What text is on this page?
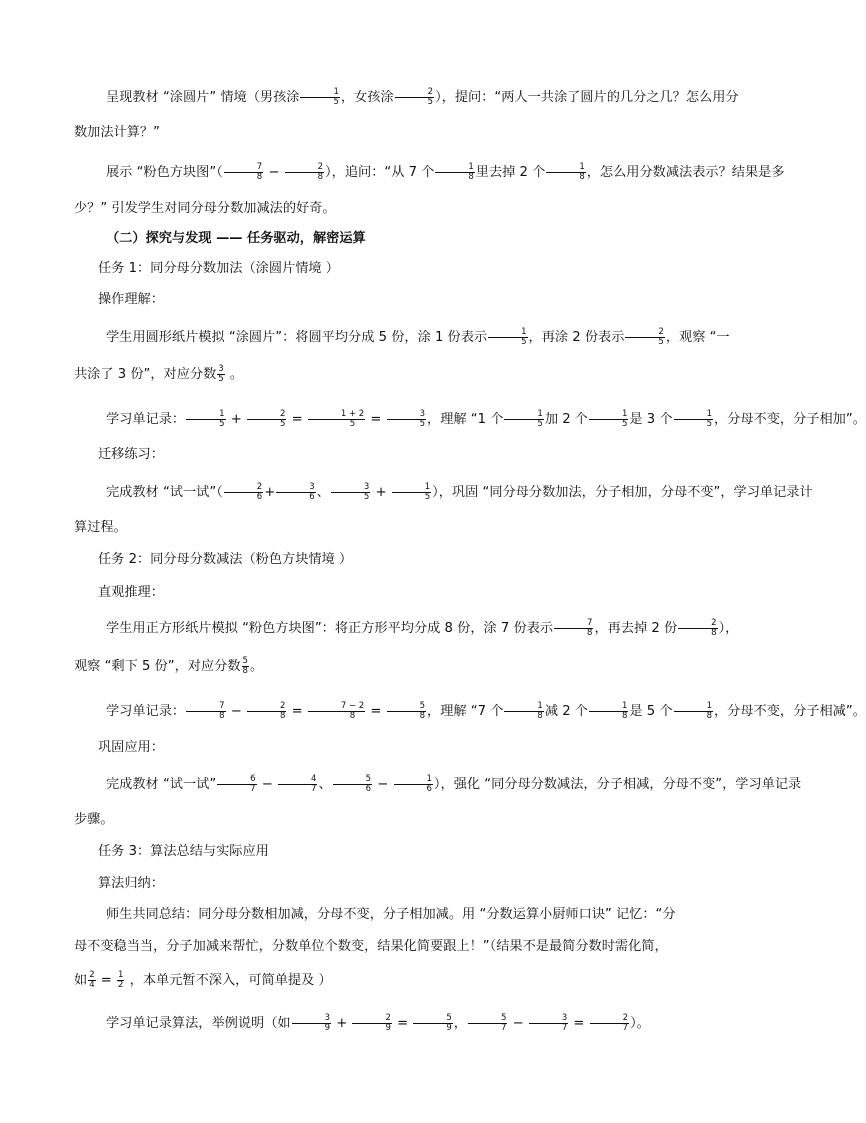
呈现教材 “涂圆片” 情境（男孩涂 $\frac{1}{5}$ ，女孩涂 $\frac{2}{5}$ ），提问：“两人一共涂了圆片的几分之几？怎么用分
数加法计算？”
展示 “粉色方块图”（ $\frac{7}{8} - \frac{2}{8}$ ），追问：“从 7 个 $\frac{1}{8}$ 里去掉 2 个 $\frac{1}{8}$ ，怎么用分数减法表示？结果是多
少？” 引发学生对同分母分数加减法的好奇。
（二）探究与发现 —— 任务驱动，解密运算
任务 1：同分母分数加法（涂圆片情境 ）
操作理解：
学生用圆形纸片模拟 “涂圆片”：将圆平均分成 5 份，涂 1 份表示 $\frac{1}{5}$ ，再涂 2 份表示 $\frac{2}{5}$ ，观察 “一
共涂了 3 份”，对应分数 $\frac{3}{5}$ 。
学习单记录： $\frac{1}{5} + \frac{2}{5} = \frac{1 + 2}{5} = \frac{3}{5}$ ，理解 “1 个 $\frac{1}{5}$ 加 2 个 $\frac{1}{5}$ 是 3 个 $\frac{1}{5}$ ，分母不变，分子相加”。
迁移练习：
完成教材 “试一试”（ $\frac{2}{6} + \frac{3}{6}$ 、 $\frac{3}{5} + \frac{1}{5}$ ），巩固 “同分母分数加法，分子相加，分母不变”，学习单记录计
算过程。
任务 2：同分母分数减法（粉色方块情境 ）
直观推理：
学生用正方形纸片模拟 “粉色方块图”：将正方形平均分成 8 份，涂 7 份表示 $\frac{7}{8}$ ，再去掉 2 份 $\frac{2}{8}$ ），
观察 “剩下 5 份”，对应分数 $\frac{5}{8}$ 。
学习单记录： $\frac{7}{8} - \frac{2}{8} = \frac{7 - 2}{8} = \frac{5}{8}$ ，理解 “7 个 $\frac{1}{8}$ 减 2 个 $\frac{1}{8}$ 是 5 个 $\frac{1}{8}$ ，分母不变，分子相减”。
巩固应用：
完成教材 “试一试” $\frac{6}{7} - \frac{4}{7}$ 、 $\frac{5}{6} - \frac{1}{6}$ ），强化 “同分母分数减法，分子相减，分母不变”，学习单记录
步骤。
任务 3：算法总结与实际应用
算法归纳：
师生共同总结：同分母分数相加减，分母不变，分子相加减。用 “分数运算小厨师口诀” 记忆：“分
母不变稳当当，分子加减来帮忙，分数单位个数变，结果化简要跟上！”（结果不是最简分数时需化简，
如 $\frac{2}{4} = \frac{1}{2}$ ，本单元暂不深入，可简单提及 ）
学习单记录算法，举例说明（如 $\frac{3}{9} + \frac{2}{9} = \frac{5}{9}$ ， $\frac{5}{7} - \frac{3}{7} = \frac{2}{7}$ ）。
